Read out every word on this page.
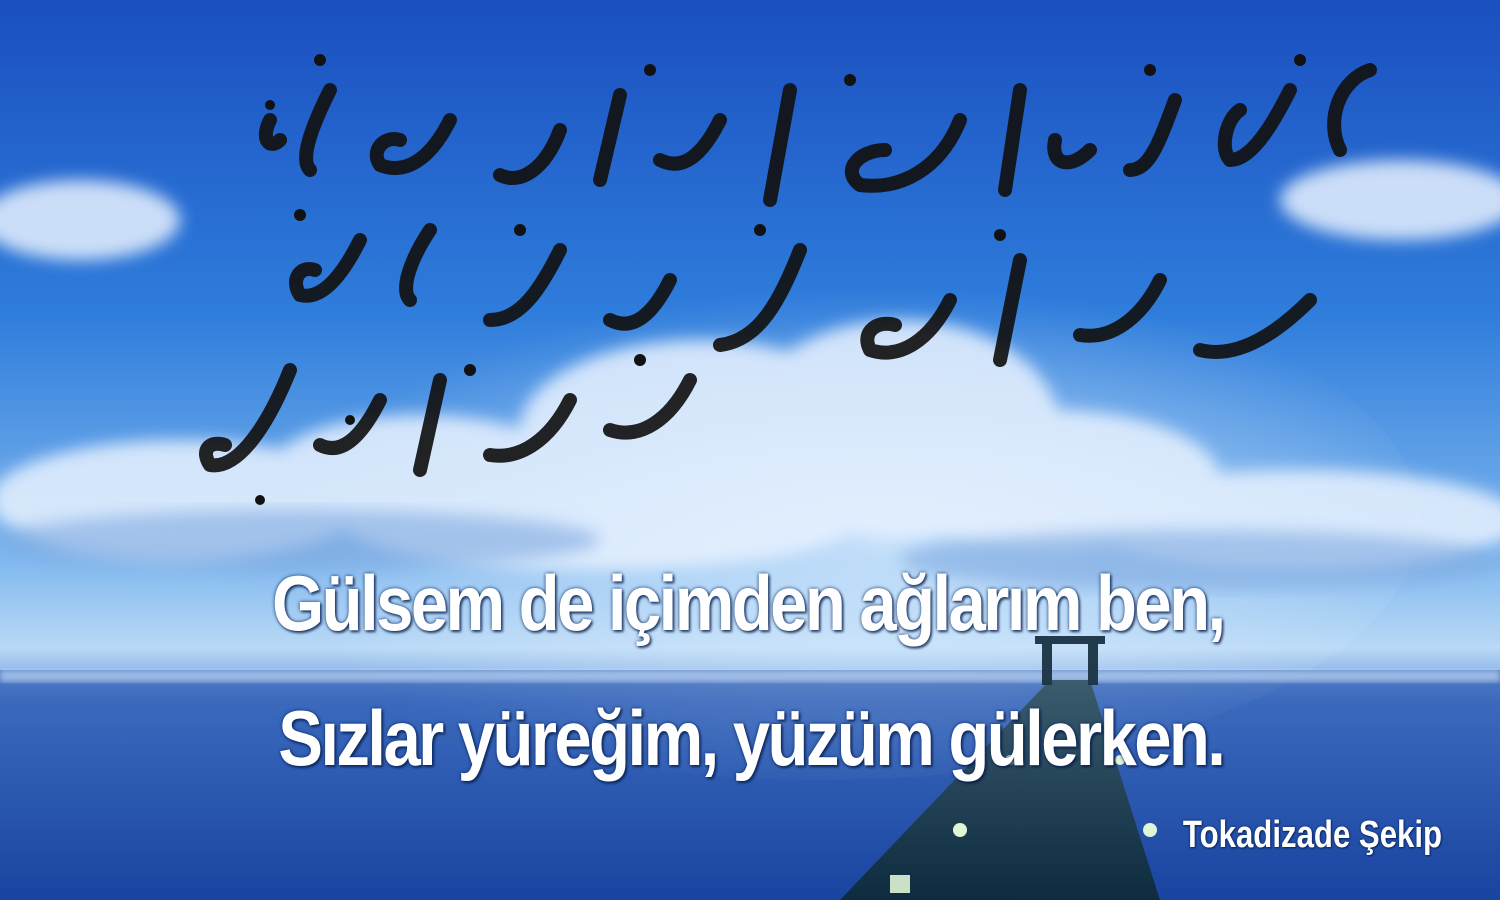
Gülsem de içimden ağlarım ben,
Sızlar yüreğim, yüzüm gülerken.
Tokadizade Şekip
